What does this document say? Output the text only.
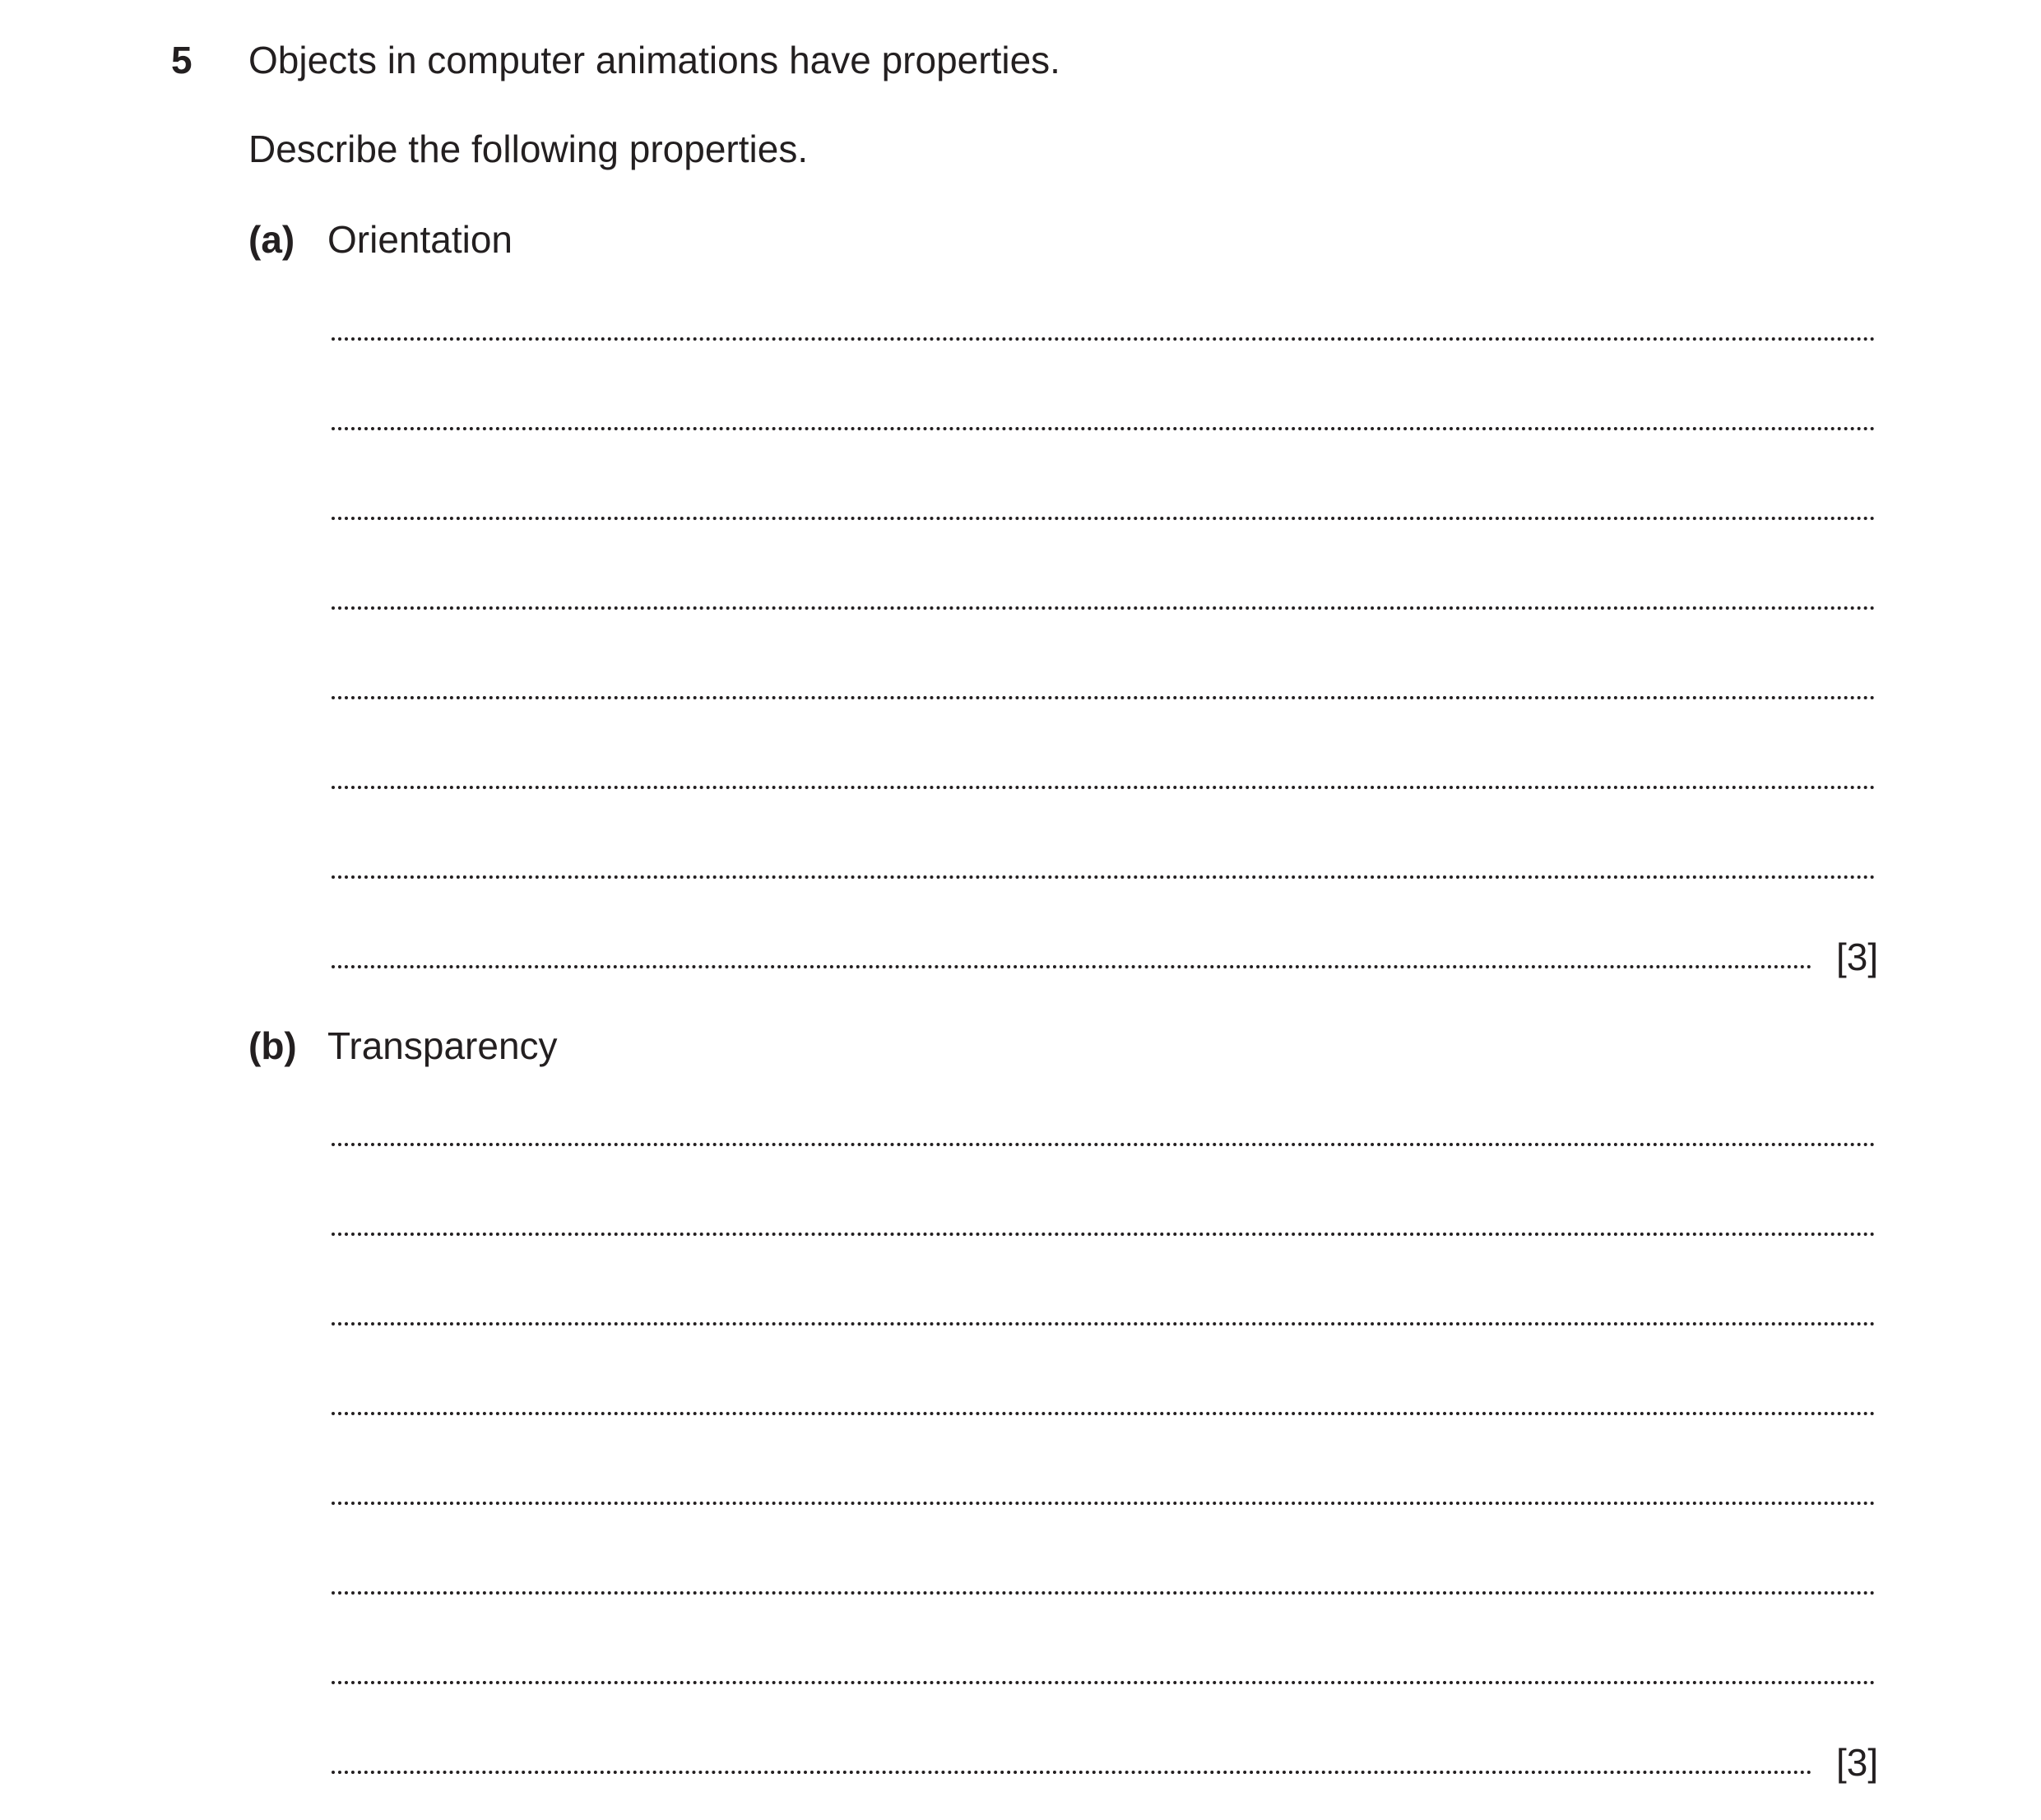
5 Objects in computer animations have properties.
Describe the following properties.
(a) Orientation
[3]
(b) Transparency
[3]
